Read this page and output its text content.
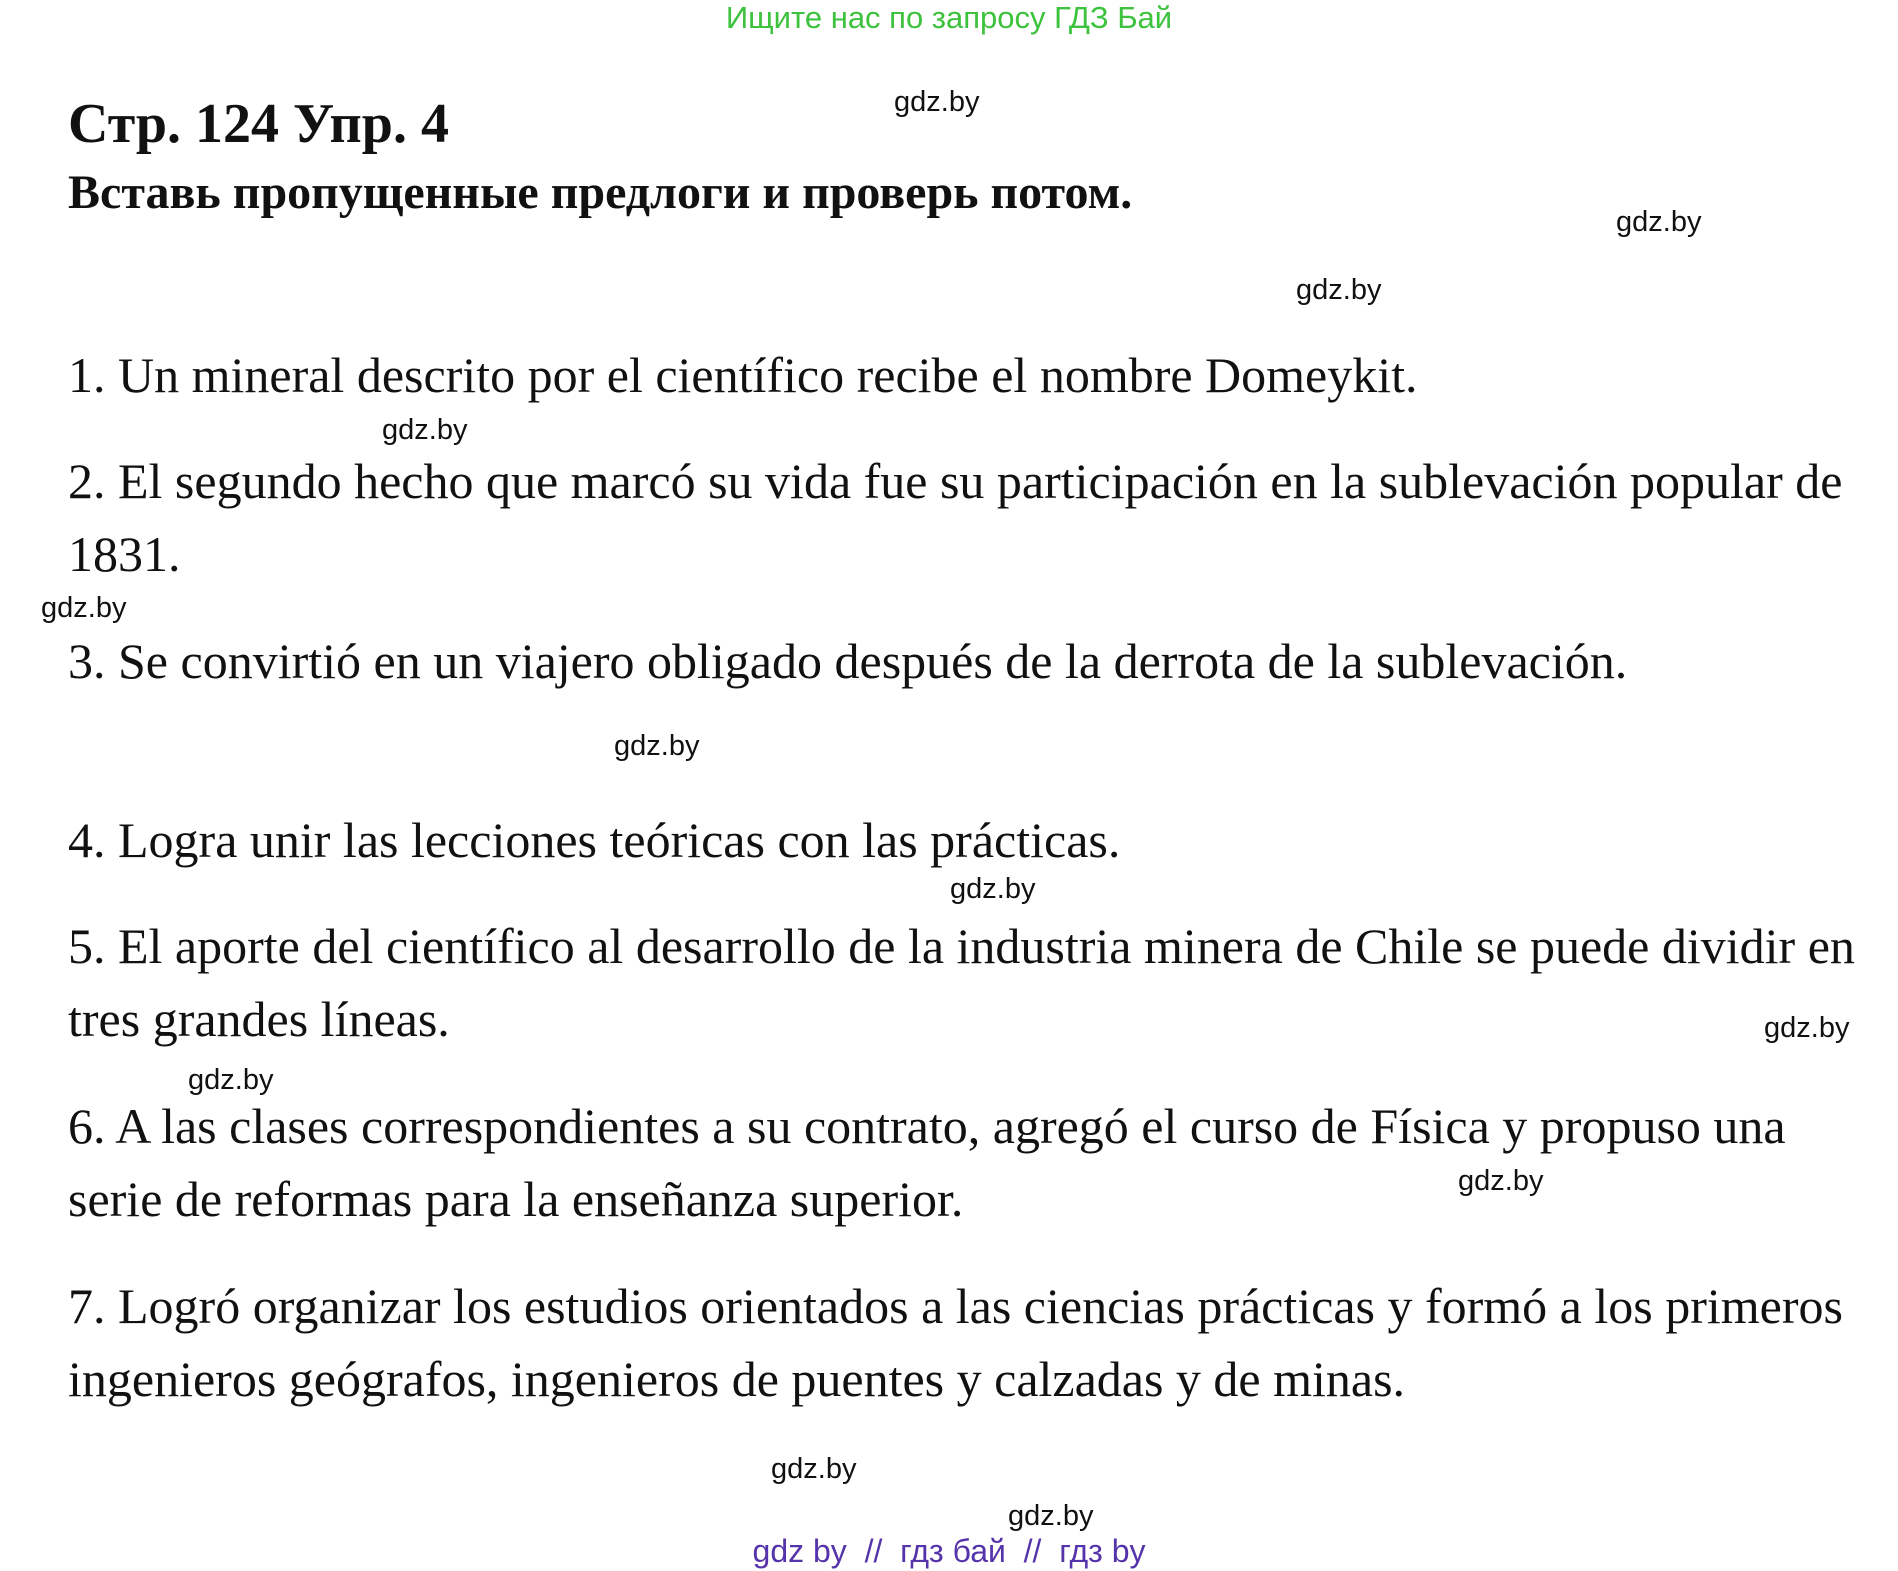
Ищите нас по запросу ГДЗ Бай
Стр. 124 Упр. 4
Вставь пропущенные предлоги и проверь потом.

1. Un mineral descrito por el científico recibe el nombre Domeykit.

2. El segundo hecho que marcó su vida fue su participación en la sublevación popular de 1831.

3. Se convirtió en un viajero obligado después de la derrota de la sublevación.

4. Logra unir las lecciones teóricas con las prácticas.

5. El aporte del científico al desarrollo de la industria minera de Chile se puede dividir en tres grandes líneas.

6. A las clases correspondientes a su contrato, agregó el curso de Física y propuso una serie de reformas para la enseñanza superior.

7. Logró organizar los estudios orientados a las ciencias prácticas y formó a los primeros ingenieros geógrafos, ingenieros de puentes y calzadas y de minas.

gdz.by
gdz.by
gdz.by
gdz.by
gdz.by
gdz.by
gdz.by
gdz.by
gdz.by
gdz.by
gdz.by
gdz.by
gdz by  //  гдз бай  //  гдз by
